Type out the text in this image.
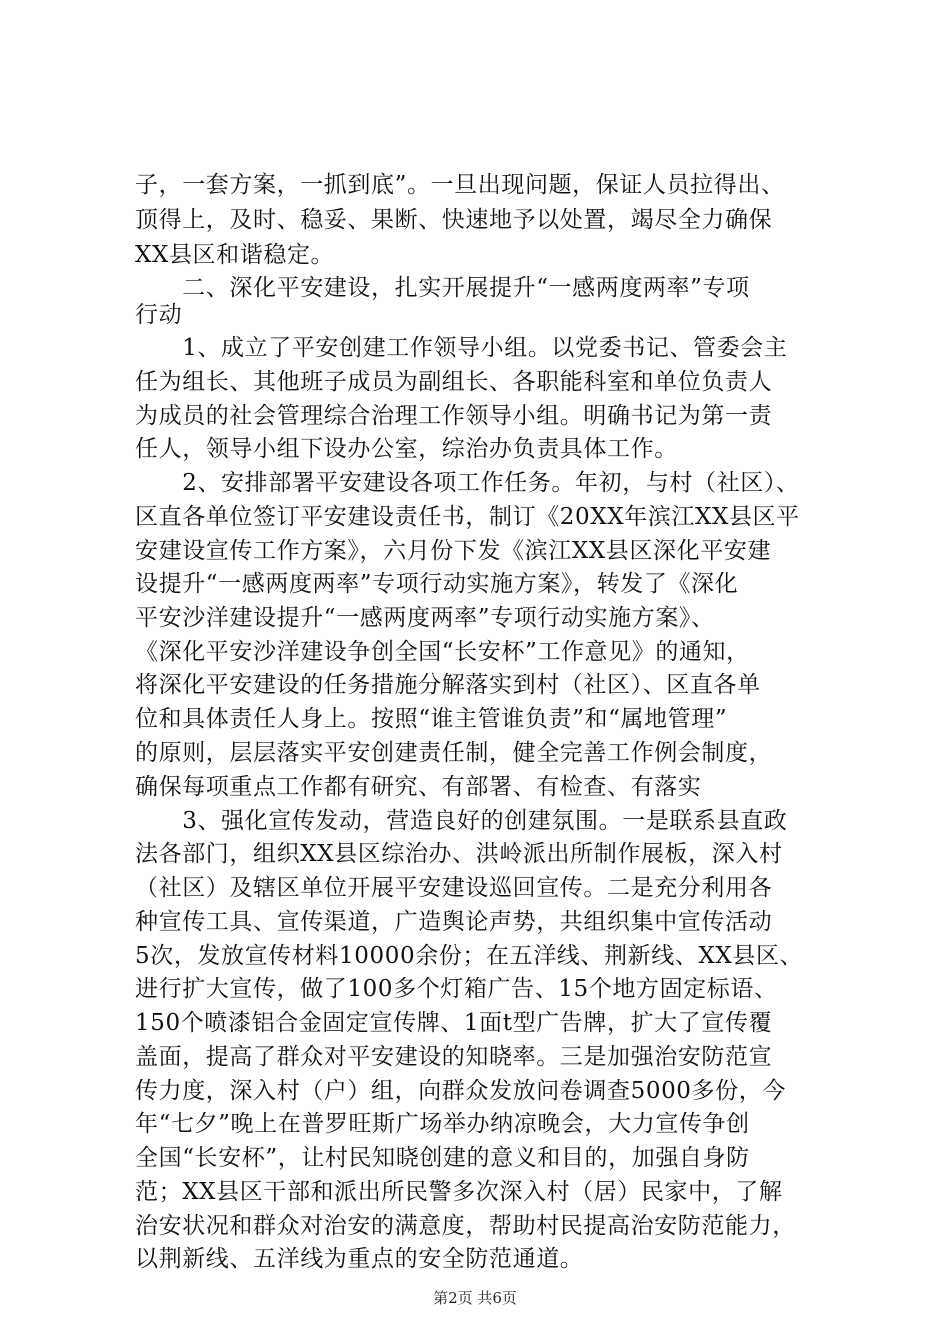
子，一套方案，一抓到底”。一旦出现问题，保证人员拉得出、
顶得上，及时、稳妥、果断、快速地予以处置，竭尽全力确保
XX县区和谐稳定。
　　二、深化平安建设，扎实开展提升“一感两度两率”专项
行动
　　1、成立了平安创建工作领导小组。以党委书记、管委会主
任为组长、其他班子成员为副组长、各职能科室和单位负责人
为成员的社会管理综合治理工作领导小组。明确书记为第一责
任人，领导小组下设办公室，综治办负责具体工作。
　　2、安排部署平安建设各项工作任务。年初，与村（社区）、
区直各单位签订平安建设责任书，制订《20XX年滨江XX县区平
安建设宣传工作方案》，六月份下发《滨江XX县区深化平安建
设提升“一感两度两率”专项行动实施方案》，转发了《深化
平安沙洋建设提升“一感两度两率”专项行动实施方案》、
《深化平安沙洋建设争创全国“长安杯”工作意见》的通知，
将深化平安建设的任务措施分解落实到村（社区）、区直各单
位和具体责任人身上。按照“谁主管谁负责”和“属地管理”
的原则，层层落实平安创建责任制，健全完善工作例会制度，
确保每项重点工作都有研究、有部署、有检查、有落实
　　3、强化宣传发动，营造良好的创建氛围。一是联系县直政
法各部门，组织XX县区综治办、洪岭派出所制作展板，深入村
（社区）及辖区单位开展平安建设巡回宣传。二是充分利用各
种宣传工具、宣传渠道，广造舆论声势，共组织集中宣传活动
5次，发放宣传材料10000余份；在五洋线、荆新线、XX县区、
进行扩大宣传，做了100多个灯箱广告、15个地方固定标语、
150个喷漆铝合金固定宣传牌、1面t型广告牌，扩大了宣传覆
盖面，提高了群众对平安建设的知晓率。三是加强治安防范宣
传力度，深入村（户）组，向群众发放问卷调查5000多份，今
年“七夕”晚上在普罗旺斯广场举办纳凉晚会，大力宣传争创
全国“长安杯”，让村民知晓创建的意义和目的，加强自身防
范；XX县区干部和派出所民警多次深入村（居）民家中，了解
治安状况和群众对治安的满意度，帮助村民提高治安防范能力，
以荆新线、五洋线为重点的安全防范通道。
第2页 共6页
